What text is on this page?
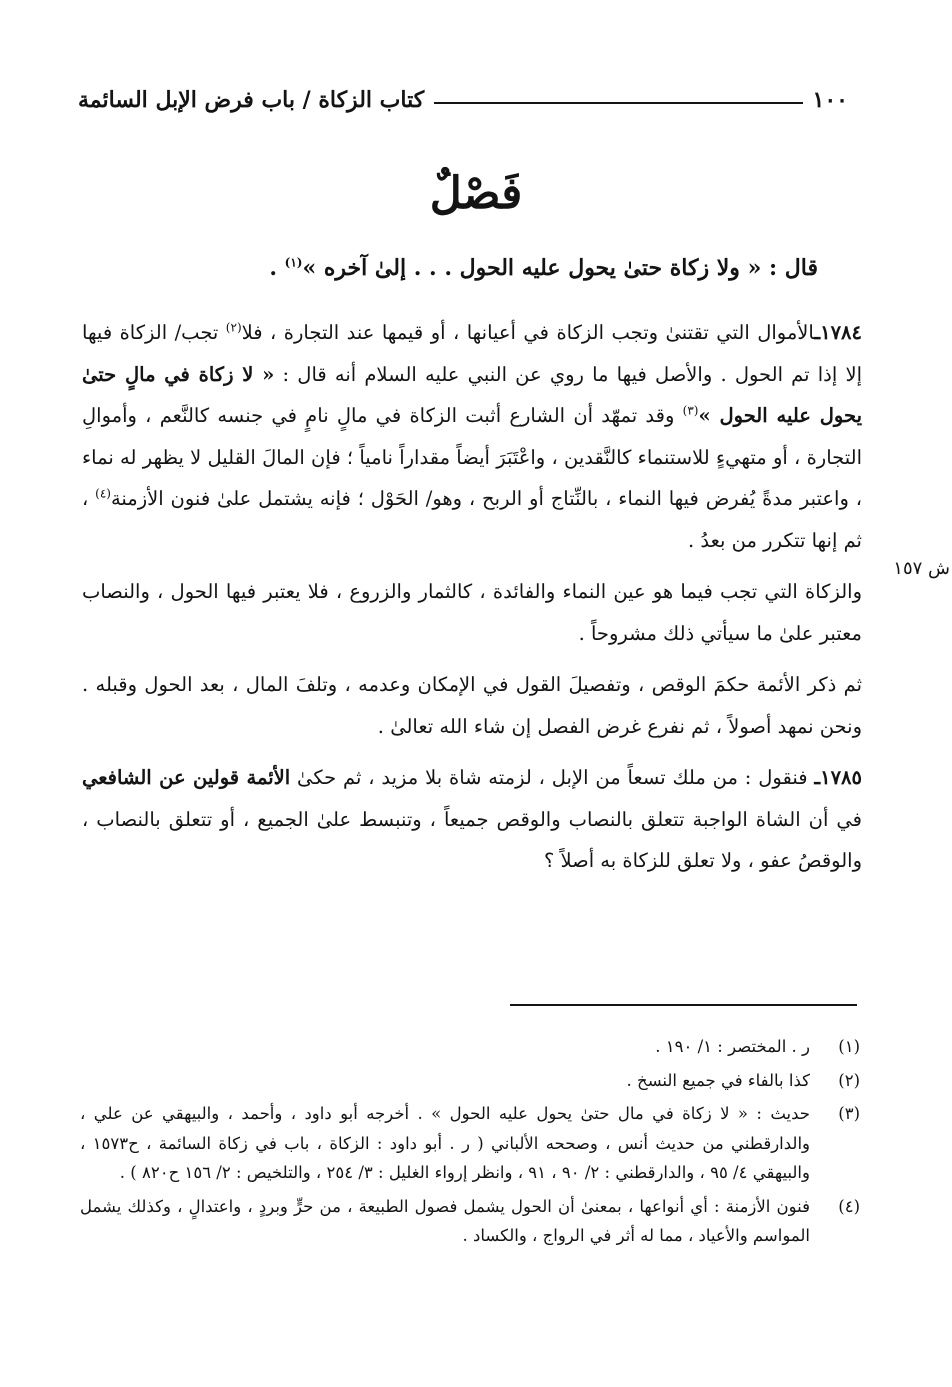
١٠٠
كتاب الزكاة / باب فرض الإبل السائمة
فَصْلٌ
قال : « ولا زكاة حتىٰ يحول عليه الحول . . . إلىٰ آخره »$^{(١)}$ .
ش ١٥٧

١٧٨٤ـالأموال التي تقتنىٰ وتجب الزكاة في أعيانها ، أو قيمها عند التجارة ، فلا$^{(٢)}$ تجب/ الزكاة فيها إلا إذا تم الحول . والأصل فيها ما روي عن النبي عليه السلام أنه قال : « لا زكاة في مالٍ حتىٰ يحول عليه الحول »$^{(٣)}$ وقد تمهّد أن الشارع أثبت الزكاة في مالٍ نامٍ في جنسه كالنَّعم ، وأموالِ التجارة ، أو متهيءٍ للاستنماء كالنَّقدين ، واعْتَبَرَ أيضاً مقداراً نامياً ؛ فإن المالَ القليل لا يظهر له نماء ، واعتبر مدةً يُفرض فيها النماء ، بالنِّتاج أو الربح ، وهو/ الحَوْل ؛ فإنه يشتمل علىٰ فنون الأزمنة$^{(٤)}$ ، ثم إنها تتكرر من بعدُ .

والزكاة التي تجب فيما هو عين النماء والفائدة ، كالثمار والزروع ، فلا يعتبر فيها الحول ، والنصاب معتبر علىٰ ما سيأتي ذلك مشروحاً .

ثم ذكر الأئمة حكمَ الوقص ، وتفصيلَ القول في الإمكان وعدمه ، وتلفَ المال ، بعد الحول وقبله . ونحن نمهد أصولاً ، ثم نفرع غرض الفصل إن شاء الله تعالىٰ .

١٧٨٥ـ فنقول : من ملك تسعاً من الإبل ، لزمته شاة بلا مزيد ، ثم حكىٰ الأئمة قولين عن الشافعي في أن الشاة الواجبة تتعلق بالنصاب والوقص جميعاً ، وتنبسط علىٰ الجميع ، أو تتعلق بالنصاب ، والوقصُ عفو ، ولا تعلق للزكاة به أصلاً ؟

(١)
ر . المختصر : ١/ ١٩٠ .
(٢)
كذا بالفاء في جميع النسخ .
(٣)
حديث : « لا زكاة في مال حتىٰ يحول عليه الحول » . أخرجه أبو داود ، وأحمد ، والبيهقي عن علي ، والدارقطني من حديث أنس ، وصححه الألباني ( ر . أبو داود : الزكاة ، باب في زكاة السائمة ، ح١٥٧٣ ، والبيهقي ٤/ ٩٥ ، والدارقطني : ٢/ ٩٠ ، ٩١ ، وانظر إرواء الغليل : ٣/ ٢٥٤ ، والتلخيص : ٢/ ١٥٦ ح٨٢٠ ) .
(٤)
فنون الأزمنة : أي أنواعها ، بمعنىٰ أن الحول يشمل فصول الطبيعة ، من حرٍّ وبردٍ ، واعتدالٍ ، وكذلك يشمل المواسم والأعياد ، مما له أثر في الرواج ، والكساد .
